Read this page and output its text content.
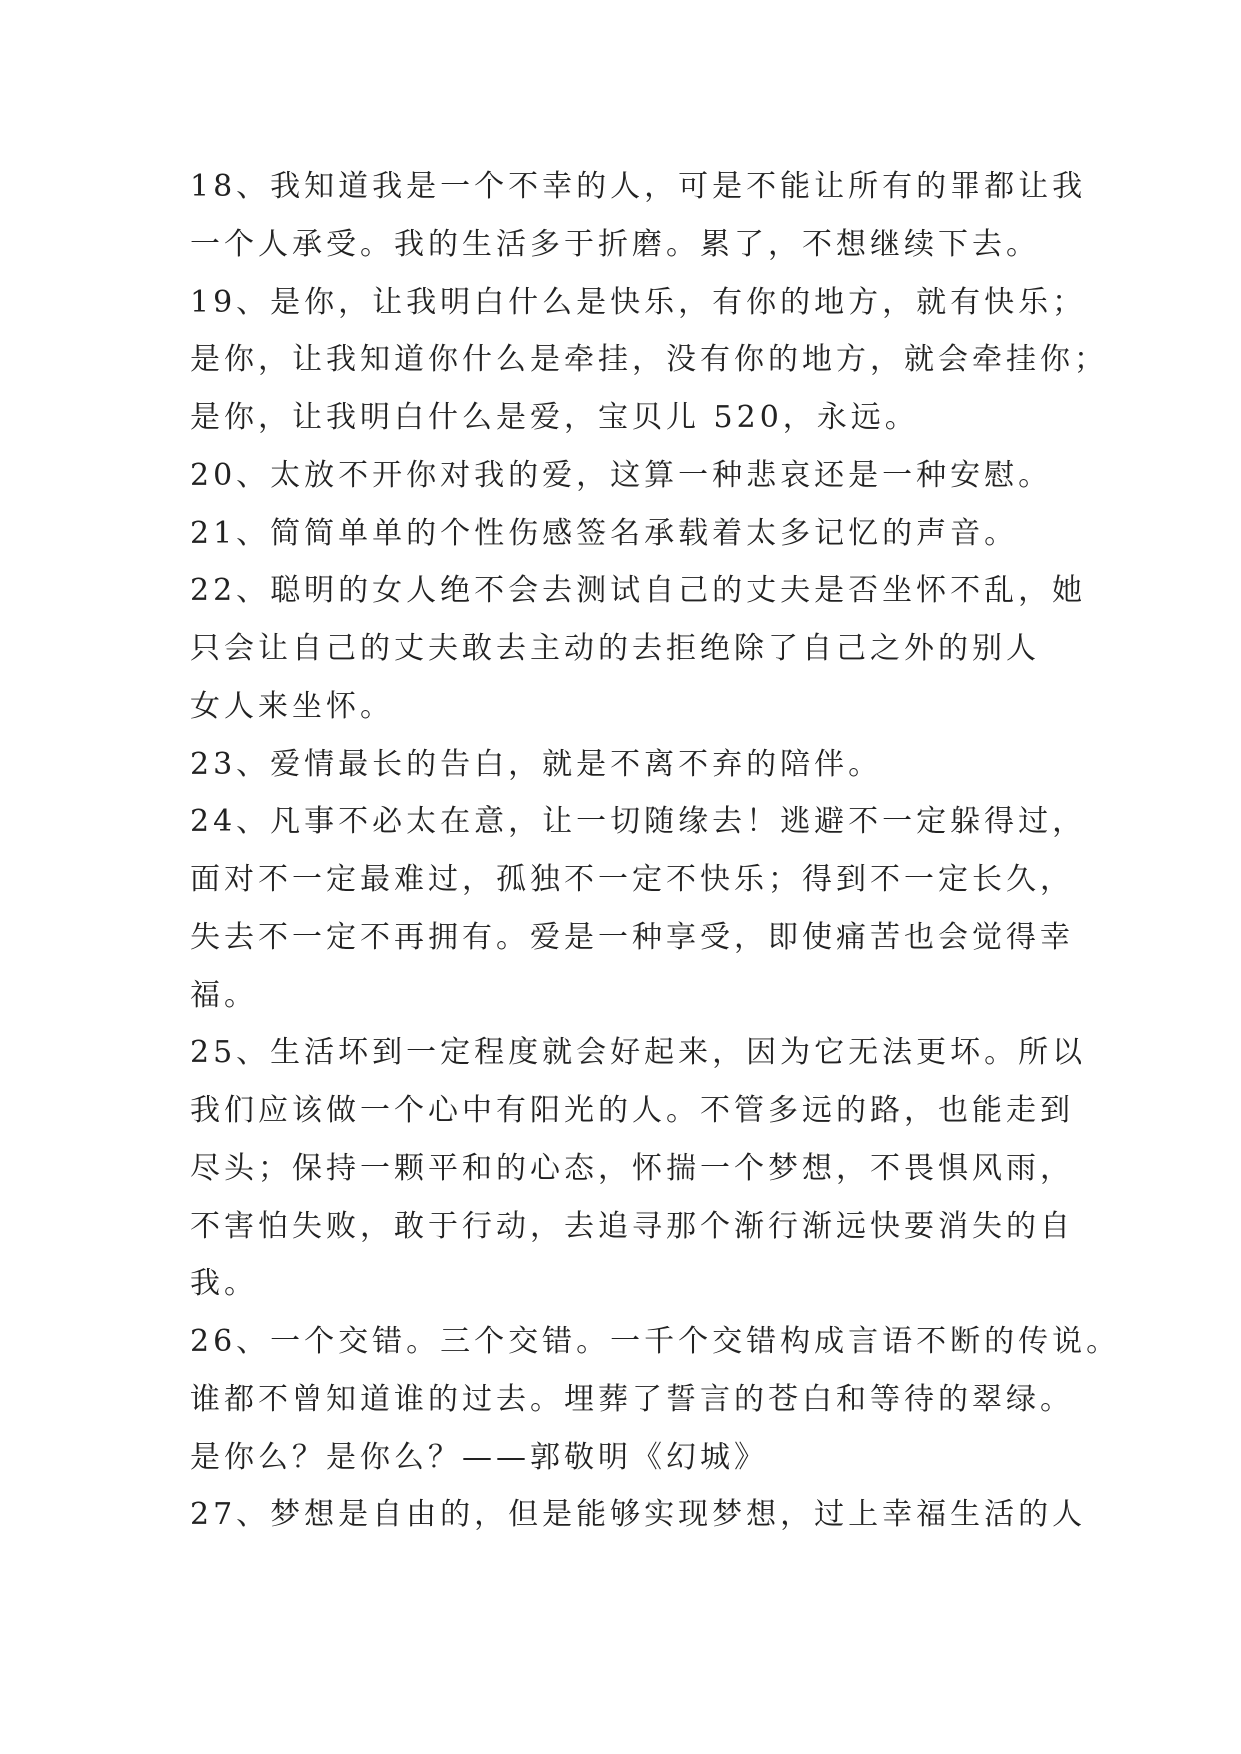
18、我知道我是一个不幸的人，可是不能让所有的罪都让我
一个人承受。我的生活多于折磨。累了，不想继续下去。
19、是你，让我明白什么是快乐，有你的地方，就有快乐；
是你，让我知道你什么是牵挂，没有你的地方，就会牵挂你；
是你，让我明白什么是爱，宝贝儿 520，永远。
20、太放不开你对我的爱，这算一种悲哀还是一种安慰。
21、简简单单的个性伤感签名承载着太多记忆的声音。
22、聪明的女人绝不会去测试自己的丈夫是否坐怀不乱，她
只会让自己的丈夫敢去主动的去拒绝除了自己之外的别人
女人来坐怀。
23、爱情最长的告白，就是不离不弃的陪伴。
24、凡事不必太在意，让一切随缘去！逃避不一定躲得过，
面对不一定最难过，孤独不一定不快乐；得到不一定长久，
失去不一定不再拥有。爱是一种享受，即使痛苦也会觉得幸
福。
25、生活坏到一定程度就会好起来，因为它无法更坏。所以
我们应该做一个心中有阳光的人。不管多远的路，也能走到
尽头；保持一颗平和的心态，怀揣一个梦想，不畏惧风雨，
不害怕失败，敢于行动，去追寻那个渐行渐远快要消失的自
我。
26、一个交错。三个交错。一千个交错构成言语不断的传说。
谁都不曾知道谁的过去。埋葬了誓言的苍白和等待的翠绿。
是你么？是你么？——郭敬明《幻城》
27、梦想是自由的，但是能够实现梦想，过上幸福生活的人
